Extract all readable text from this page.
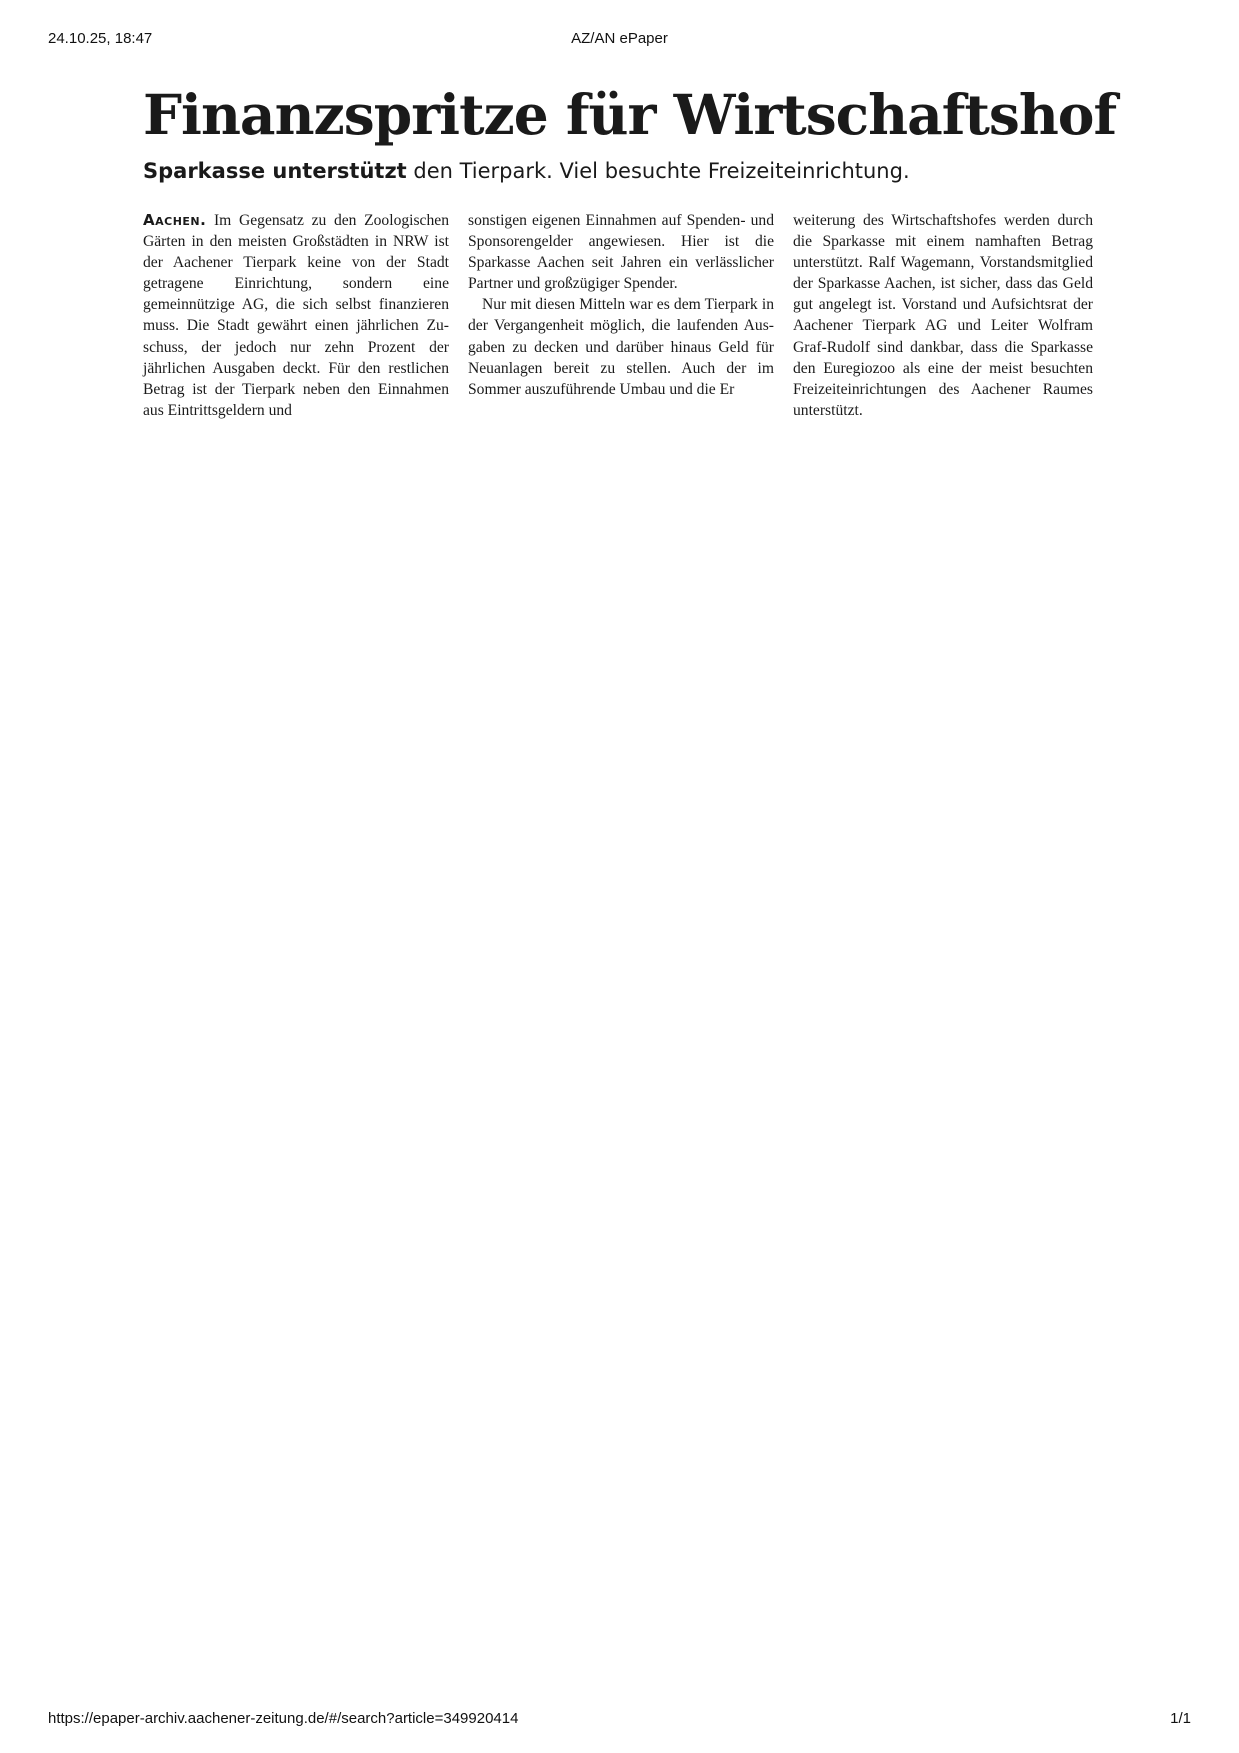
24.10.25, 18:47	AZ/AN ePaper
Finanzspritze für Wirtschaftshof
Sparkasse unterstützt den Tierpark. Viel besuchte Freizeiteinrichtung.

Aachen. Im Gegensatz zu den Zoologischen Gärten in den meisten Großstädten in NRW ist der Aachener Tierpark keine von der Stadt getragene Einrichtung, sondern eine gemeinnützige AG, die sich selbst finanzieren muss. Die Stadt gewährt einen jährlichen Zuschuss, der jedoch nur zehn Prozent der jährlichen Ausgaben deckt. Für den restlichen Betrag ist der Tierpark neben den Einnahmen aus Eintrittsgeldern und

sonstigen eigenen Einnahmen auf Spenden- und Sponsorengelder angewiesen. Hier ist die Sparkasse Aachen seit Jahren ein verlässlicher Partner und großzügiger Spender.

Nur mit diesen Mitteln war es dem Tierpark in der Vergangenheit möglich, die laufenden Ausgaben zu decken und darüber hinaus Geld für Neuanlagen bereit zu stellen. Auch der im Sommer auszuführende Umbau und die Er

weiterung des Wirtschaftshofes werden durch die Sparkasse mit einem namhaften Betrag unterstützt. Ralf Wagemann, Vorstandsmitglied der Sparkasse Aachen, ist sicher, dass das Geld gut angelegt ist. Vorstand und Aufsichtsrat der Aachener Tierpark AG und Leiter Wolfram Graf-Rudolf sind dankbar, dass die Sparkasse den Euregiozoo als eine der meist besuchten Freizeiteinrichtungen des Aachener Raumes unterstützt.

https://epaper-archiv.aachener-zeitung.de/#/search?article=349920414	1/1
